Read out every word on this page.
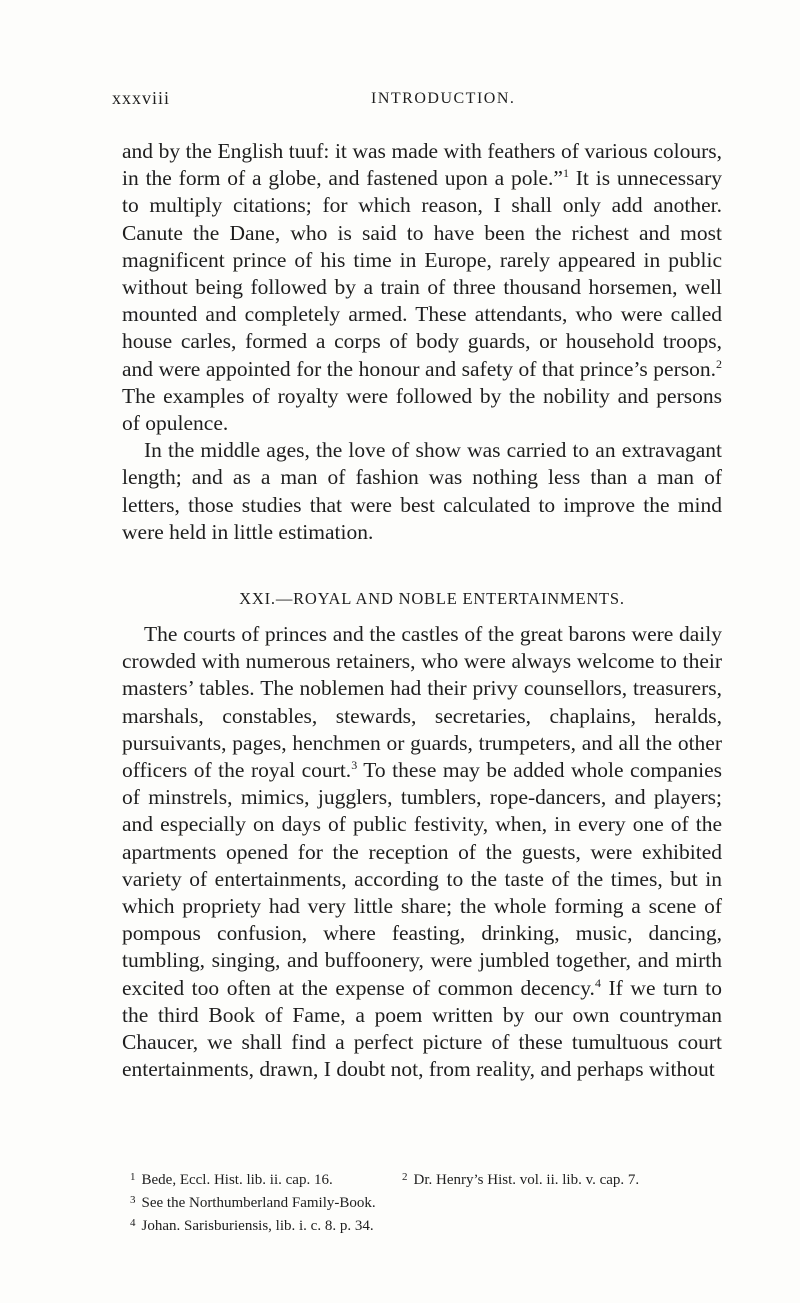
xxxviii	INTRODUCTION.

and by the English tuuf: it was made with feathers of various colours, in the form of a globe, and fastened upon a pole.”$^1$ It is unnecessary to multiply citations; for which reason, I shall only add another. Canute the Dane, who is said to have been the richest and most magnificent prince of his time in Europe, rarely appeared in public without being followed by a train of three thousand horsemen, well mounted and completely armed. These attendants, who were called house carles, formed a corps of body guards, or household troops, and were appointed for the honour and safety of that prince’s person.$^2$ The examples of royalty were followed by the nobility and persons of opulence.

In the middle ages, the love of show was carried to an extravagant length; and as a man of fashion was nothing less than a man of letters, those studies that were best calculated to improve the mind were held in little estimation.

XXI.—ROYAL AND NOBLE ENTERTAINMENTS.

The courts of princes and the castles of the great barons were daily crowded with numerous retainers, who were always welcome to their masters’ tables. The noblemen had their privy counsellors, treasurers, marshals, constables, stewards, secretaries, chaplains, heralds, pursuivants, pages, henchmen or guards, trumpeters, and all the other officers of the royal court.$^3$ To these may be added whole companies of minstrels, mimics, jugglers, tumblers, rope-dancers, and players; and especially on days of public festivity, when, in every one of the apartments opened for the reception of the guests, were exhibited variety of entertainments, according to the taste of the times, but in which propriety had very little share; the whole forming a scene of pompous confusion, where feasting, drinking, music, dancing, tumbling, singing, and buffoonery, were jumbled together, and mirth excited too often at the expense of common decency.$^4$ If we turn to the third Book of Fame, a poem written by our own countryman Chaucer, we shall find a perfect picture of these tumultuous court entertainments, drawn, I doubt not, from reality, and perhaps without

$^1$ Bede, Eccl. Hist. lib. ii. cap. 16.	$^2$ Dr. Henry’s Hist. vol. ii. lib. v. cap. 7.
$^3$ See the Northumberland Family-Book.
$^4$ Johan. Sarisburiensis, lib. i. c. 8. p. 34.
